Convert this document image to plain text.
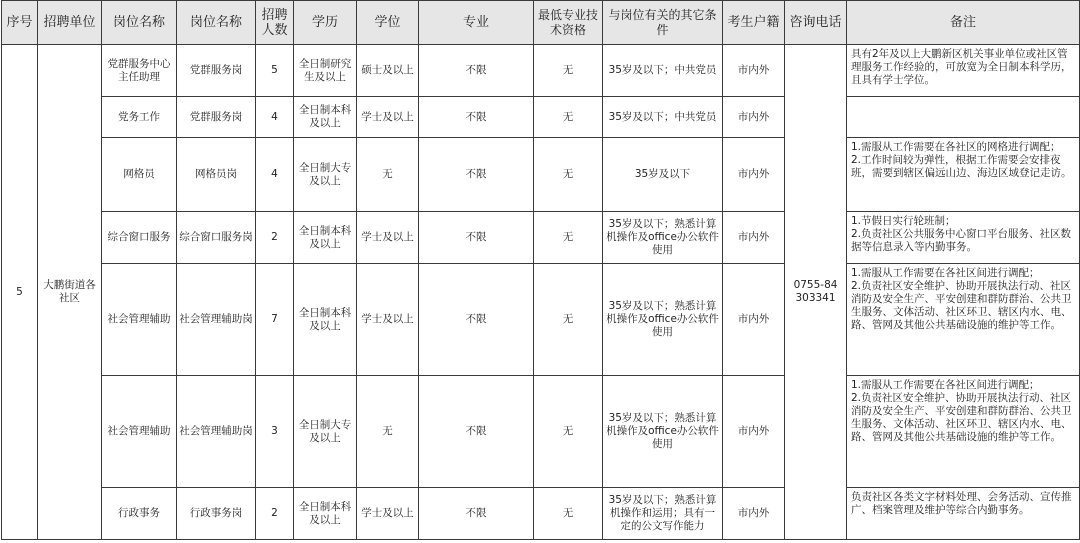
序号	招聘单位	岗位名称	岗位名称	招聘人数	学历	学位	专业	最低专业技术资格	与岗位有关的其它条件	考生户籍	咨询电话	备注
5	大鹏街道各社区	党群服务中心主任助理	党群服务岗	5	全日制研究生及以上	硕士及以上	不限	无	35岁及以下；中共党员	市内外	0755-84303341	具有2年及以上大鹏新区机关事业单位或社区管理服务工作经验的，可放宽为全日制本科学历，且具有学士学位。

		党务工作	党群服务岗	4	全日制本科及以上	学士及以上	不限	无	35岁及以下；中共党员	市内外		

		网格员	网格员岗	4	全日制大专及以上	无	不限	无	35岁及以下	市内外		1.需服从工作需要在各社区的网格进行调配；
2.工作时间较为弹性，根据工作需要会安排夜班，需要到辖区偏远山边、海边区域登记走访。

		综合窗口服务	综合窗口服务岗	2	全日制本科及以上	学士及以上	不限	无	35岁及以下；熟悉计算机操作及office办公软件使用	市内外		1.节假日实行轮班制；
2.负责社区公共服务中心窗口平台服务、社区数据等信息录入等内勤事务。

		社会管理辅助	社会管理辅助岗	7	全日制本科及以上	学士及以上	不限	无	35岁及以下；熟悉计算机操作及office办公软件使用	市内外		1.需服从工作需要在各社区间进行调配；
2.负责社区安全维护、协助开展执法行动、社区消防及安全生产、平安创建和群防群治、公共卫生服务、文体活动、社区环卫、辖区内水、电、路、管网及其他公共基础设施的维护等工作。

		社会管理辅助	社会管理辅助岗	3	全日制大专及以上	无	不限	无	35岁及以下；熟悉计算机操作及office办公软件使用	市内外		1.需服从工作需要在各社区间进行调配；
2.负责社区安全维护、协助开展执法行动、社区消防及安全生产、平安创建和群防群治、公共卫生服务、文体活动、社区环卫、辖区内水、电、路、管网及其他公共基础设施的维护等工作。

		行政事务	行政事务岗	2	全日制本科及以上	学士及以上	不限	无	35岁及以下；熟悉计算机操作和运用；具有一定的公文写作能力	市内外		负责社区各类文字材料处理、会务活动、宣传推广、档案管理及维护等综合内勤事务。
